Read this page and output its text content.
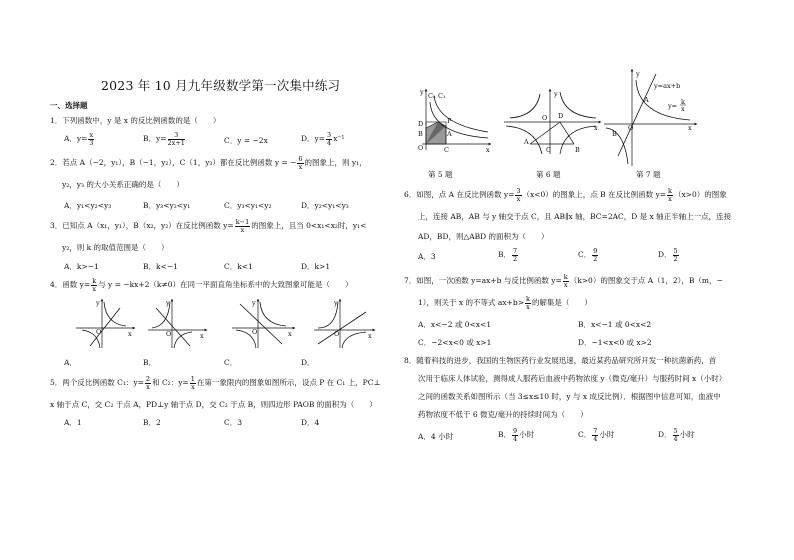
2023 年 10 月九年级数学第一次集中练习
一、选择题
1．下列函数中，y 是 x 的反比例函数的是（　　）
A．$y= \frac{x}{3}$	B．$y= \frac{3}{2x+1}$	C．y = −2x	D．$y= \frac{3}{4} x^{-1}$
2．若点 A（−2，y₁），B（−1，y₂），C（1，y₃）都在反比例函数 y = − $\frac{6}{x}$ 的图象上，则 y₁，
y₂，y₃ 的大小关系正确的是（　　）
A．y₁<y₂<y₃	B．y₃<y₂<y₁	C．y₃<y₁<y₂	D．y₂<y₁<y₃
3．已知点 A（x₁，y₁），B（x₂，y₂）在反比例函数 $y= \frac{k-1}{x}$ 的图象上，且当 0<x₁<x₂时，y₁<
y₂，则 k 的取值范围是（　　）
A．k>−1	B．k<−1	C．k<1	D．k>1
4．函数 $y= \frac{k}{x}$ 与 y = −kx+2（k≠0）在同一平面直角坐标系中的大致图象可能是（　　）
O
y
x
A．
O
y
x
B．
O
y
x
C．
O
y
x
D．
5．两个反比例函数 C₁：$y= \frac{2}{x}$ 和 C₂：$y= \frac{1}{x}$ 在第一象限内的图象如图所示，设点 P 在 C₁ 上，PC⊥
x 轴于点 C，交 C₂ 于点 A，PD⊥y 轴于点 D，交 C₂ 于点 B，则四边形 PAOB 的面积为（　　）
A．1	B．2	C．3	D．4
D
B
P
A
O	C
C₂ C₁
y
x
第 5 题
A
C	B
O D
y
x
第 6 题
O
A
B
y
x
y=ax+b
y= k
x
第 7 题
6．如图，点 A 在反比例函数 $y= \frac{3}{x} (x<0)$的图象上，点 B 在反比例函数 $y= \frac{k}{x} (x>0)$的图象
上，连接 AB，AB 与 y 轴交于点 C，且 AB∥x 轴，BC=2AC，D 是 x 轴正半轴上一点，连接
AD，BD，则△ABD 的面积为（　　）
A．3	B． $\frac{7}{2}$	C． $\frac{9}{2}$	D． $\frac{5}{2}$
7．如图，一次函数 y=ax+b 与反比例函数 $y= \frac{k}{x} (k>0)$的图象交于点 A（1，2），B（m，−
1），则关于 x 的不等式 $ax+b> \frac{k}{x}$ 的解集是（　　）
A．x<−2 或 0<x<1	B．x<−1 或 0<x<2
C．−2<x<0 或 x>1	D．−1<x<0 或 x>2
8．随着科技的进步，我国的生物医药行业发展迅速，最近某药品研究所开发一种抗菌新药，首
次用于临床人体试验，测得成人服药后血液中药物浓度 y（微克/毫升）与服药时间 x（小时）
之间的函数关系如图所示（当 3≤x≤10 时，y 与 x 成反比例）．根据图中信息可知，血液中
药物浓度不低于 6 微克/毫升的持续时间为（　　）
A．4 小时	B． $\frac{9}{4}$ 小时	C． $\frac{7}{4}$ 小时	D． $\frac{5}{4}$ 小时
